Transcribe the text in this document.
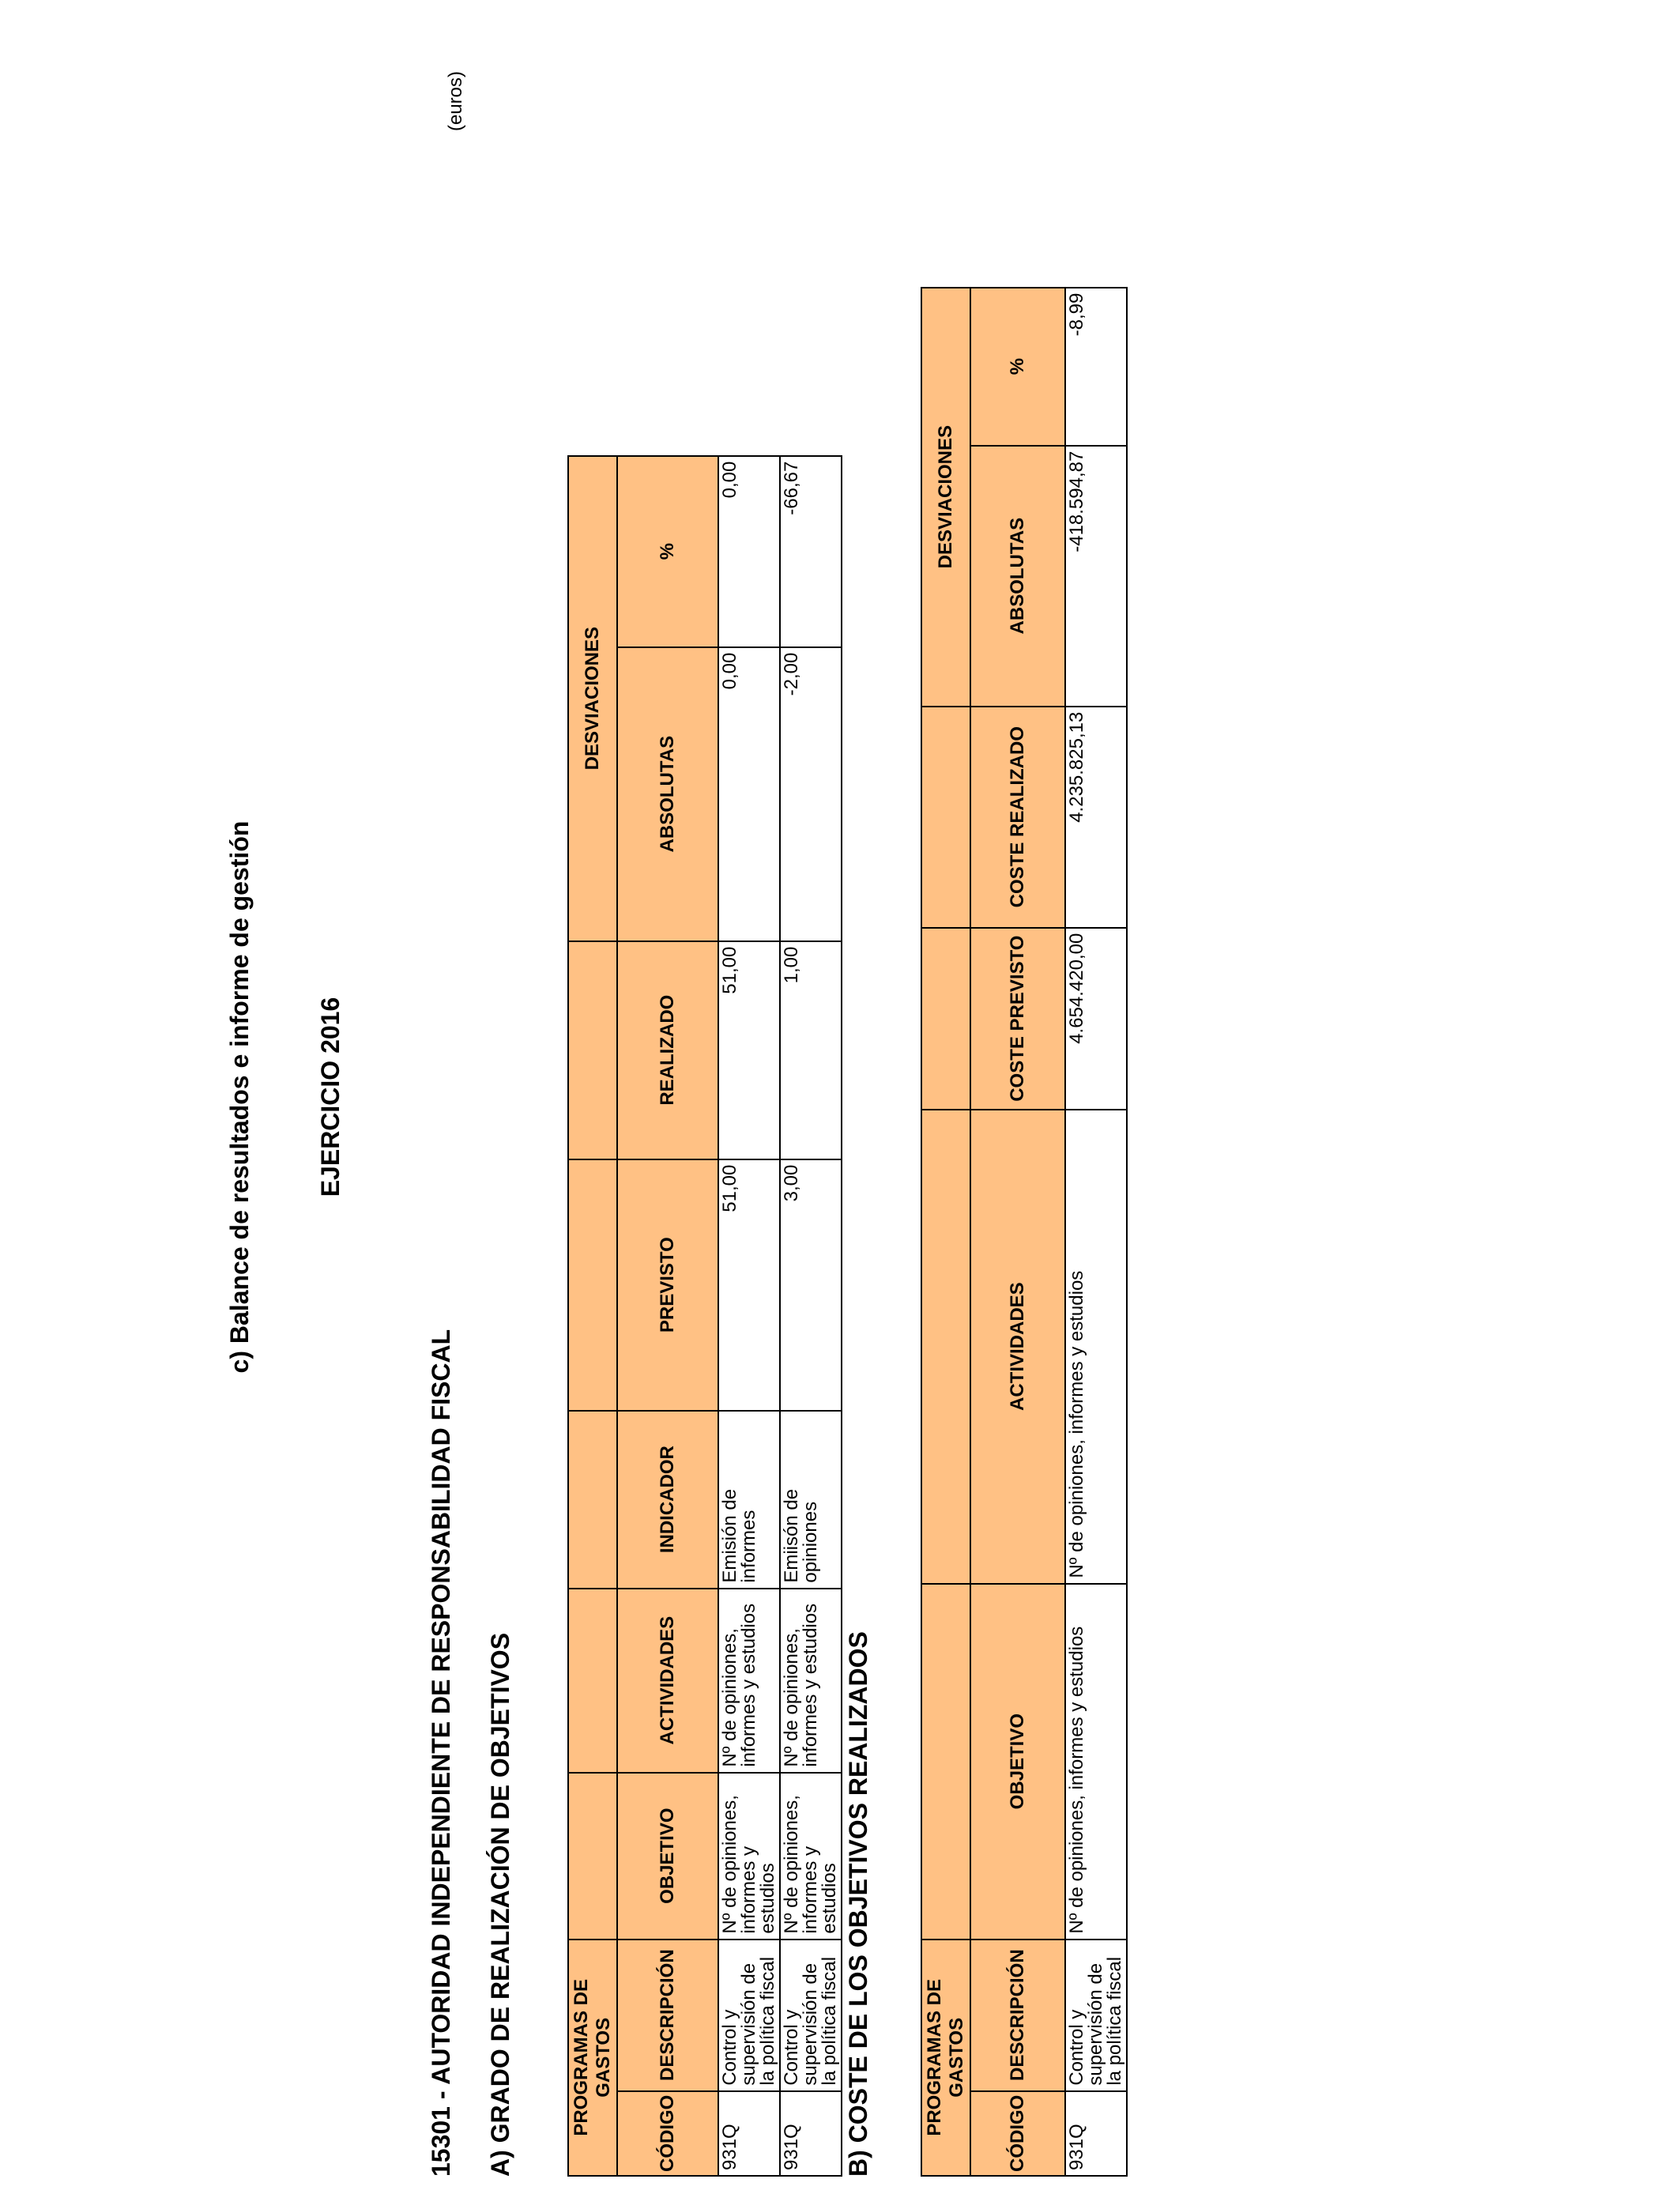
c) Balance de resultados e informe de gestión EJERCICIO 2016
15301 - AUTORIDAD INDEPENDIENTE DE RESPONSABILIDAD FISCAL A) GRADO DE REALIZACIÓN DE OBJETIVOS
(euros)
PROGRAMAS DE GASTOS							DESVIACIONES	
CÓDIGO	DESCRIPCIÓN	OBJETIVO	ACTIVIDADES	INDICADOR	PREVISTO	REALIZADO	ABSOLUTAS	%
931Q	Control y supervisión de la política fiscal	Nº de opiniones, informes y estudios	Nº de opiniones, informes y estudios	Emisión de informes	51,00	51,00	0,00	0,00
931Q	Control y supervisión de la política fiscal	Nº de opiniones, informes y estudios	Nº de opiniones, informes y estudios	Emiisón de opiniones	3,00	1,00	-2,00	-66,67
B) COSTE DE LOS OBJETIVOS REALIZADOS	PROGRAMAS DE GASTOS						DESVIACIONES	
CÓDIGO	DESCRIPCIÓN	OBJETIVO	ACTIVIDADES	COSTE PREVISTO	COSTE REALIZADO	ABSOLUTAS	%
931Q	Control y supervisión de la política fiscal	Nº de opiniones, informes y estudios	Nº de opiniones, informes y estudios	4.654.420,00	4.235.825,13	-418.594,87	-8,99
